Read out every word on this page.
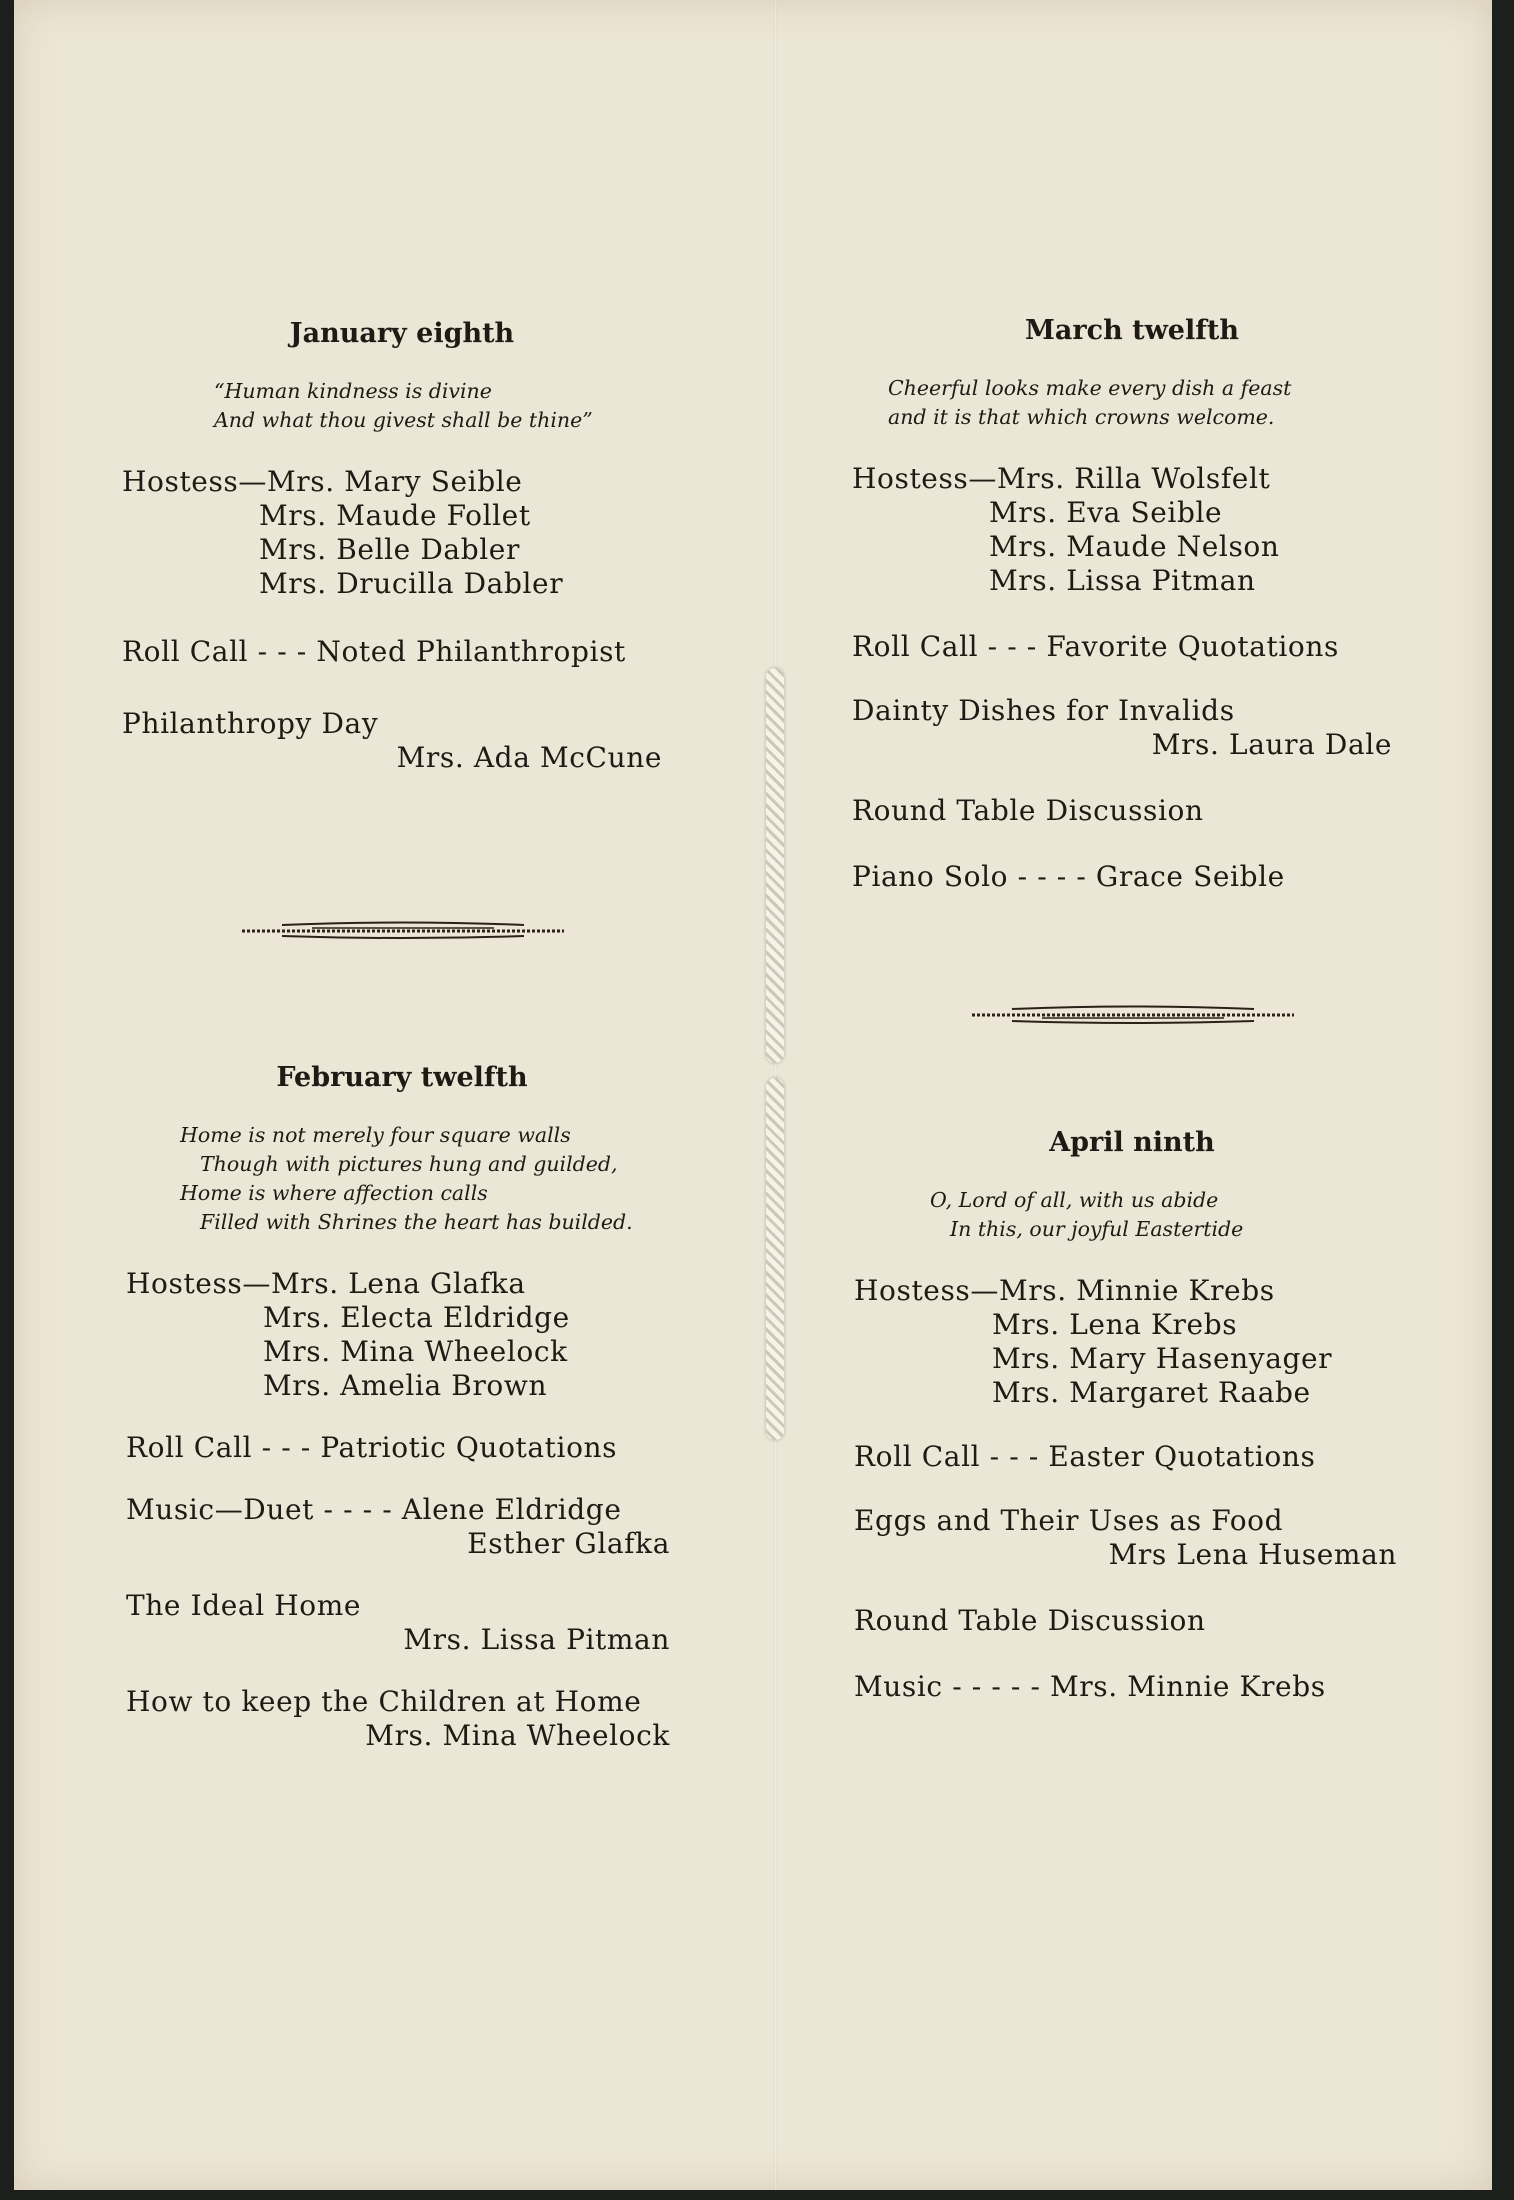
January eighth
“Human kindness is divine
And what thou givest shall be thine”
Hostess—Mrs. Mary Seible
Mrs. Maude Follet
Mrs. Belle Dabler
Mrs. Drucilla Dabler
Roll Call - - - Noted Philanthropist
Philanthropy Day
Mrs. Ada McCune
February twelfth
Home is not merely four square walls
Though with pictures hung and guilded,
Home is where affection calls
Filled with Shrines the heart has builded.
Hostess—Mrs. Lena Glafka
Mrs. Electa Eldridge
Mrs. Mina Wheelock
Mrs. Amelia Brown
Roll Call - - - Patriotic Quotations
Music—Duet - - - - Alene Eldridge
Esther Glafka
The Ideal Home
Mrs. Lissa Pitman
How to keep the Children at Home
Mrs. Mina Wheelock
March twelfth
Cheerful looks make every dish a feast
and it is that which crowns welcome.
Hostess—Mrs. Rilla Wolsfelt
Mrs. Eva Seible
Mrs. Maude Nelson
Mrs. Lissa Pitman
Roll Call - - - Favorite Quotations
Dainty Dishes for Invalids
Mrs. Laura Dale
Round Table Discussion
Piano Solo - - - - Grace Seible
April ninth
O, Lord of all, with us abide
In this, our joyful Eastertide
Hostess—Mrs. Minnie Krebs
Mrs. Lena Krebs
Mrs. Mary Hasenyager
Mrs. Margaret Raabe
Roll Call - - - Easter Quotations
Eggs and Their Uses as Food
Mrs Lena Huseman
Round Table Discussion
Music - - - - - Mrs. Minnie Krebs
